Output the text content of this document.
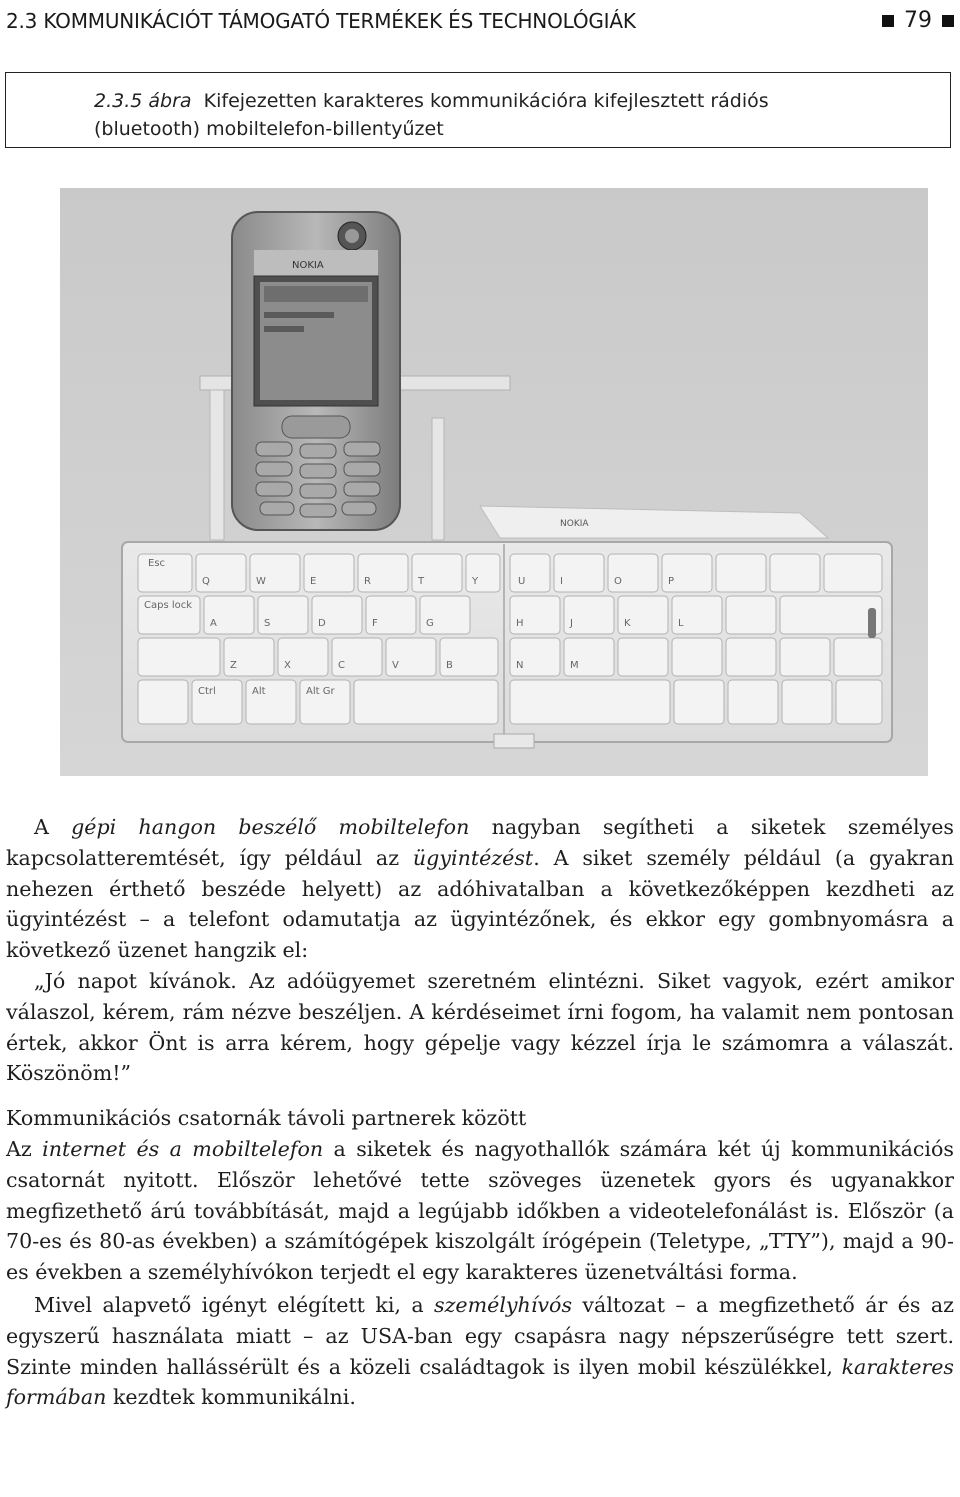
2.3 KOMMUNIKÁCIÓT TÁMOGATÓ TERMÉKEK ÉS TECHNOLÓGIÁK	79
2.3.5 ábra Kifejezetten karakteres kommunikációra kifejlesztett rádiós
(bluetooth) mobiltelefon-billentyűzet
NOKIA
NOKIA
Esc
Q	W	E	R	T	Y	U	I	O	P
Caps lock
A	S	D	F	G	H	J	K	L
Z	X	C	V	B	N	M
Ctrl	Alt	Alt Gr

A gépi hangon beszélő mobiltelefon nagyban segítheti a siketek személyes kapcsolatteremtését, így például az ügyintézést. A siket személy például (a gyakran nehezen érthető beszéde helyett) az adóhivatalban a következőképpen kezdheti az ügyintézést – a telefont odamutatja az ügyintézőnek, és ekkor egy gombnyomásra a következő üzenet hangzik el:

„Jó napot kívánok. Az adóügyemet szeretném elintézni. Siket vagyok, ezért amikor válaszol, kérem, rám nézve beszéljen. A kérdéseimet írni fogom, ha valamit nem pontosan értek, akkor Önt is arra kérem, hogy gépelje vagy kézzel írja le számomra a válaszát. Köszönöm!”

Kommunikációs csatornák távoli partnerek között

Az internet és a mobiltelefon a siketek és nagyothallók számára két új kommunikációs csatornát nyitott. Először lehetővé tette szöveges üzenetek gyors és ugyanakkor megfizethető árú továbbítását, majd a legújabb időkben a videotelefonálást is. Először (a 70-es és 80-as években) a számítógépek kiszolgált írógépein (Teletype, „TTY”), majd a 90-es években a személyhívókon terjedt el egy karakteres üzenetváltási forma.

Mivel alapvető igényt elégített ki, a személyhívós változat – a megfizethető ár és az egyszerű használata miatt – az USA-ban egy csapásra nagy népszerűségre tett szert. Szinte minden hallássérült és a közeli családtagok is ilyen mobil készülékkel, karakteres formában kezdtek kommunikálni.
